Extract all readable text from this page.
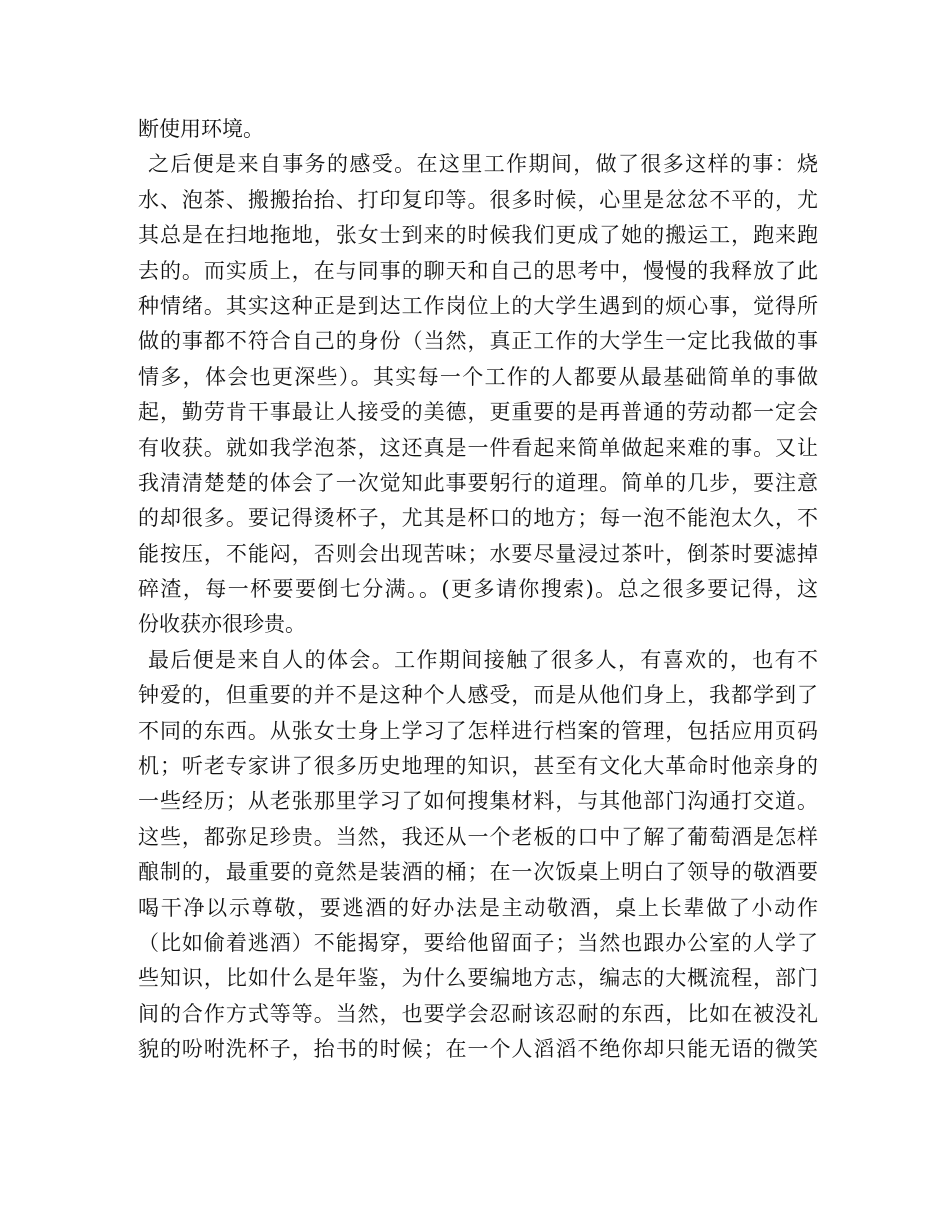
断使用环境。
之后便是来自事务的感受。在这里工作期间，做了很多这样的事：烧
水、泡茶、搬搬抬抬、打印复印等。很多时候，心里是忿忿不平的，尤
其总是在扫地拖地，张女士到来的时候我们更成了她的搬运工，跑来跑
去的。而实质上，在与同事的聊天和自己的思考中，慢慢的我释放了此
种情绪。其实这种正是到达工作岗位上的大学生遇到的烦心事，觉得所
做的事都不符合自己的身份（当然，真正工作的大学生一定比我做的事
情多，体会也更深些）。其实每一个工作的人都要从最基础简单的事做
起，勤劳肯干事最让人接受的美德，更重要的是再普通的劳动都一定会
有收获。就如我学泡茶，这还真是一件看起来简单做起来难的事。又让
我清清楚楚的体会了一次觉知此事要躬行的道理。简单的几步，要注意
的却很多。要记得烫杯子，尤其是杯口的地方；每一泡不能泡太久，不
能按压，不能闷，否则会出现苦味；水要尽量浸过茶叶，倒茶时要滤掉
碎渣，每一杯要要倒七分满。。(更多请你搜索)。总之很多要记得，这
份收获亦很珍贵。
最后便是来自人的体会。工作期间接触了很多人，有喜欢的，也有不
钟爱的，但重要的并不是这种个人感受，而是从他们身上，我都学到了
不同的东西。从张女士身上学习了怎样进行档案的管理，包括应用页码
机；听老专家讲了很多历史地理的知识，甚至有文化大革命时他亲身的
一些经历；从老张那里学习了如何搜集材料，与其他部门沟通打交道。
这些，都弥足珍贵。当然，我还从一个老板的口中了解了葡萄酒是怎样
酿制的，最重要的竟然是装酒的桶；在一次饭桌上明白了领导的敬酒要
喝干净以示尊敬，要逃酒的好办法是主动敬酒，桌上长辈做了小动作
（比如偷着逃酒）不能揭穿，要给他留面子；当然也跟办公室的人学了
些知识，比如什么是年鉴，为什么要编地方志，编志的大概流程，部门
间的合作方式等等。当然，也要学会忍耐该忍耐的东西，比如在被没礼
貌的吩咐洗杯子，抬书的时候；在一个人滔滔不绝你却只能无语的微笑
